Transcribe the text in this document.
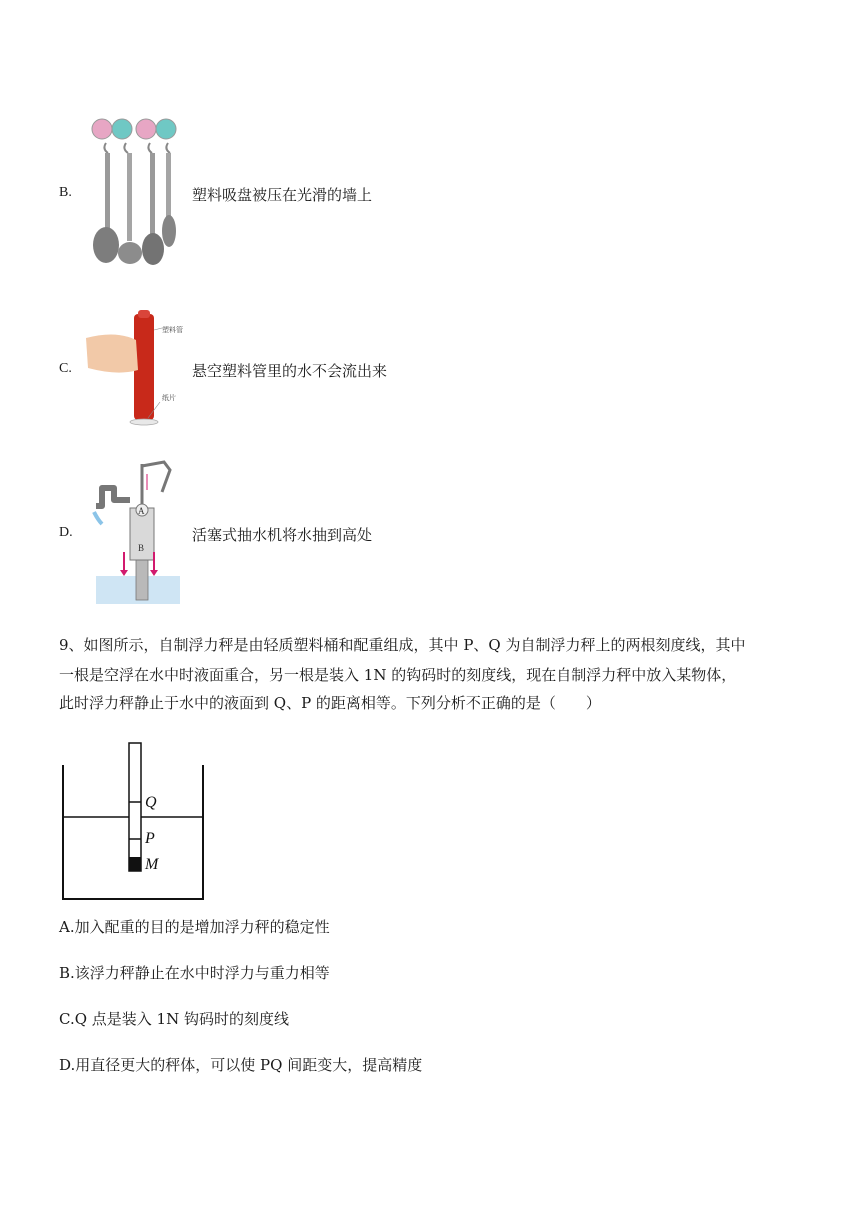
B.	塑料吸盘被压在光滑的墙上
C.
塑料管
纸片
悬空塑料管里的水不会流出来
D.
A
B
活塞式抽水机将水抽到高处
9、如图所示，自制浮力秤是由轻质塑料桶和配重组成，其中 P、Q 为自制浮力秤上的两根刻度线，其中
一根是空浮在水中时液面重合，另一根是装入 1N 的钩码时的刻度线，现在自制浮力秤中放入某物体，
此时浮力秤静止于水中的液面到 Q、P 的距离相等。下列分析不正确的是（　　）
Q
P
M
A.加入配重的目的是增加浮力秤的稳定性
B.该浮力秤静止在水中时浮力与重力相等
C.Q 点是装入 1N 钩码时的刻度线
D.用直径更大的秤体，可以使 PQ 间距变大，提高精度
